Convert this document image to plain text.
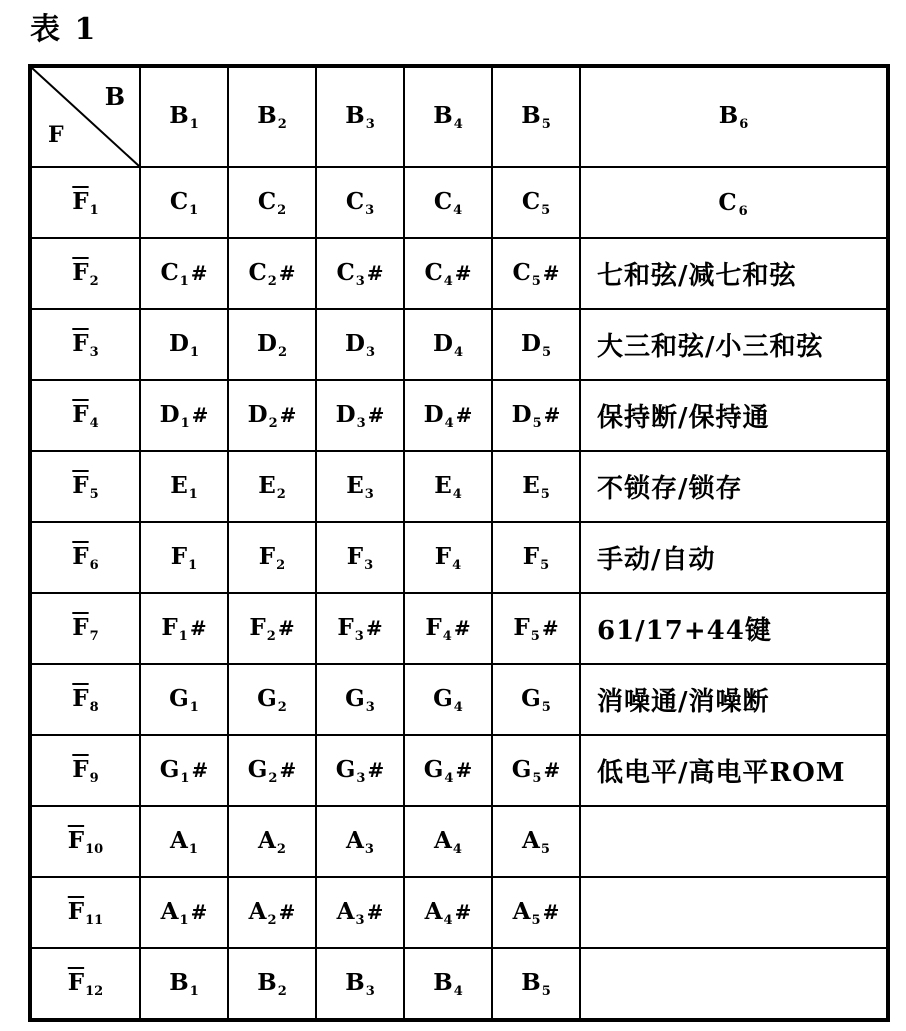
表 1
B
F	$B_1$	$B_2$	$B_3$	$B_4$	$B_5$	$B_6$
$\overline{F}_1$	$C_1$	$C_2$	$C_3$	$C_4$	$C_5$	$C_6$
$\overline{F}_2$	$C_1$ #	$C_2$ #	$C_3$ #	$C_4$ #	$C_5$ #	七和弦/减七和弦
$\overline{F}_3$	$D_1$	$D_2$	$D_3$	$D_4$	$D_5$	大三和弦/小三和弦
$\overline{F}_4$	$D_1$ #	$D_2$ #	$D_3$ #	$D_4$ #	$D_5$ #	保持断/保持通
$\overline{F}_5$	$E_1$	$E_2$	$E_3$	$E_4$	$E_5$	不锁存/锁存
$\overline{F}_6$	$F_1$	$F_2$	$F_3$	$F_4$	$F_5$	手动/自动
$\overline{F}_7$	$F_1$ #	$F_2$ #	$F_3$ #	$F_4$ #	$F_5$ #	61/17+44键
$\overline{F}_8$	$G_1$	$G_2$	$G_3$	$G_4$	$G_5$	消噪通/消噪断
$\overline{F}_9$	$G_1$ #	$G_2$ #	$G_3$ #	$G_4$ #	$G_5$ #	低电平/高电平ROM
$\overline{F}_{10}$	$A_1$	$A_2$	$A_3$	$A_4$	$A_5$	
$\overline{F}_{11}$	$A_1$ #	$A_2$ #	$A_3$ #	$A_4$ #	$A_5$ #	
$\overline{F}_{12}$	$B_1$	$B_2$	$B_3$	$B_4$	$B_5$	
